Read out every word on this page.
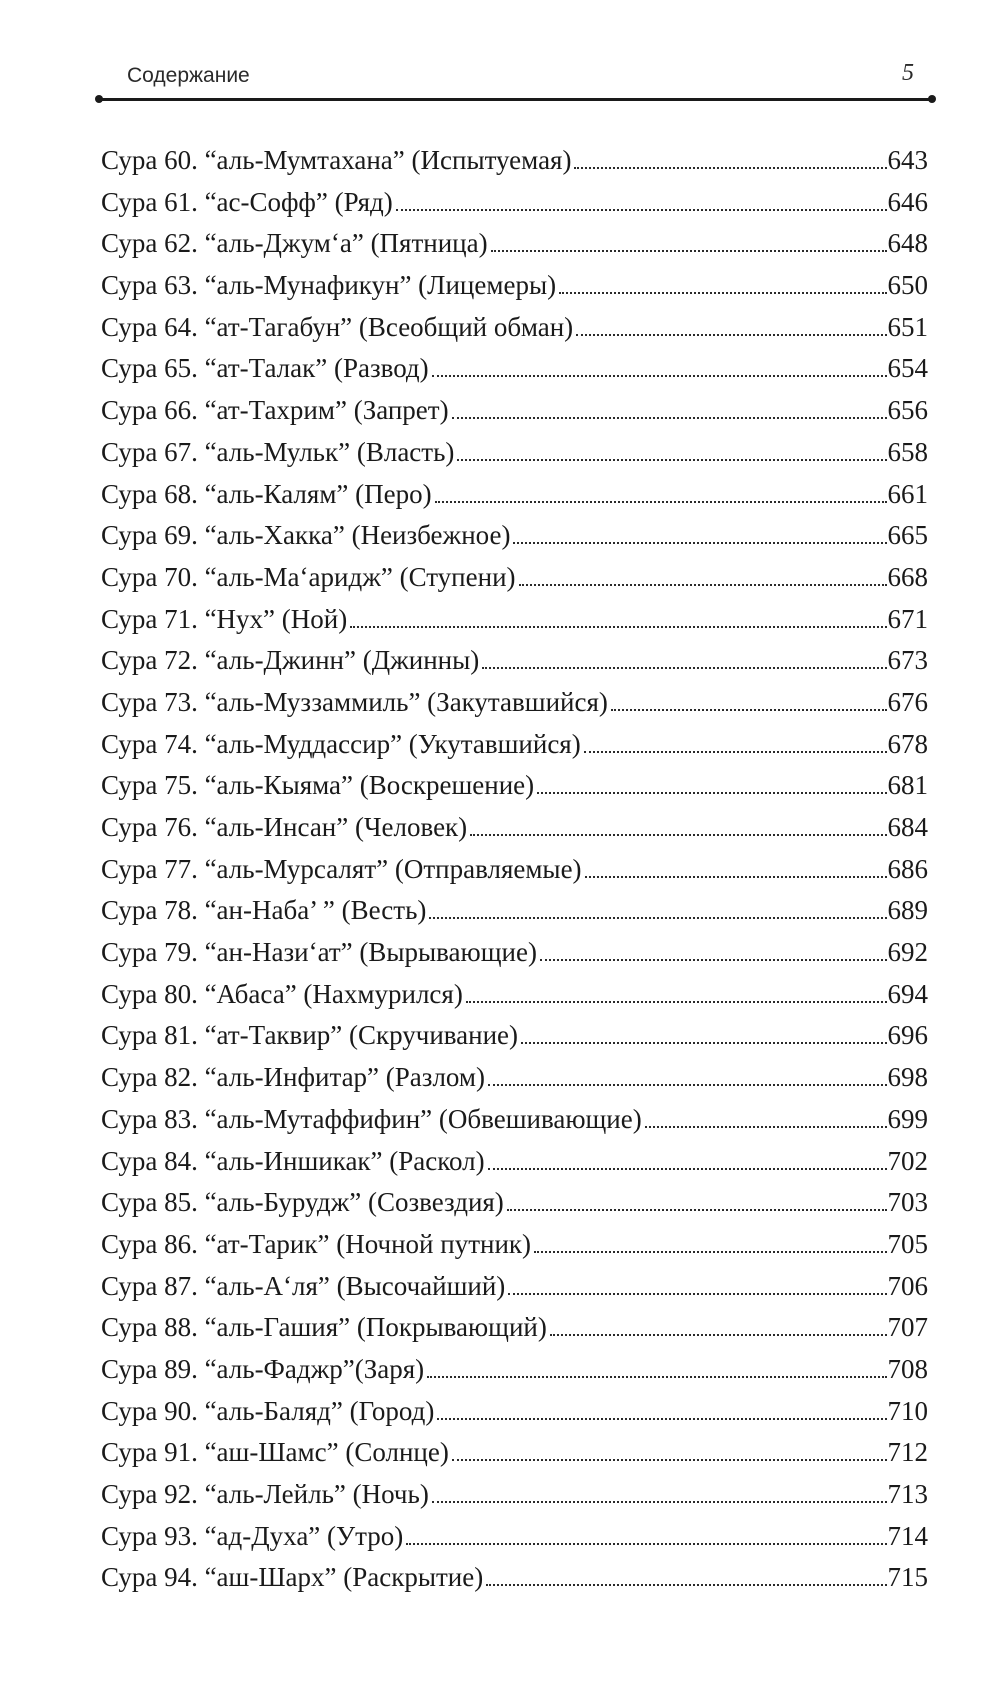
Содержание	5
Сура 60. “аль-Мумтахана” (Испытуемая)	643
Сура 61. “ас-Софф” (Ряд)	646
Сура 62. “аль-Джум‘а” (Пятница)	648
Сура 63. “аль-Мунафикун” (Лицемеры)	650
Сура 64. “ат-Тагабун” (Всеобщий обман)	651
Сура 65. “ат-Талак” (Развод)	654
Сура 66. “ат-Тахрим” (Запрет)	656
Сура 67. “аль-Мульк” (Власть)	658
Сура 68. “аль-Калям” (Перо)	661
Сура 69. “аль-Хакка” (Неизбежное)	665
Сура 70. “аль-Ма‘аридж” (Ступени)	668
Сура 71. “Нух” (Ной)	671
Сура 72. “аль-Джинн” (Джинны)	673
Сура 73. “аль-Муззаммиль” (Закутавшийся)	676
Сура 74. “аль-Муддассир” (Укутавшийся)	678
Сура 75. “аль-Кыяма” (Воскрешение)	681
Сура 76. “аль-Инсан” (Человек)	684
Сура 77. “аль-Мурсалят” (Отправляемые)	686
Сура 78. “ан-Наба’ ” (Весть)	689
Сура 79. “ан-Нази‘ат” (Вырывающие)	692
Сура 80. “Абаса” (Нахмурился)	694
Сура 81. “ат-Таквир” (Скручивание)	696
Сура 82. “аль-Инфитар” (Разлом)	698
Сура 83. “аль-Мутаффифин” (Обвешивающие)	699
Сура 84. “аль-Иншикак” (Раскол)	702
Сура 85. “аль-Бурудж” (Созвездия)	703
Сура 86. “ат-Тарик” (Ночной путник)	705
Сура 87. “аль-А‘ля” (Высочайший)	706
Сура 88. “аль-Гашия” (Покрывающий)	707
Сура 89. “аль-Фаджр”(Заря)	708
Сура 90. “аль-Баляд” (Город)	710
Сура 91. “аш-Шамс” (Солнце)	712
Сура 92. “аль-Лейль” (Ночь)	713
Сура 93. “ад-Духа” (Утро)	714
Сура 94. “аш-Шарх” (Раскрытие)	715
